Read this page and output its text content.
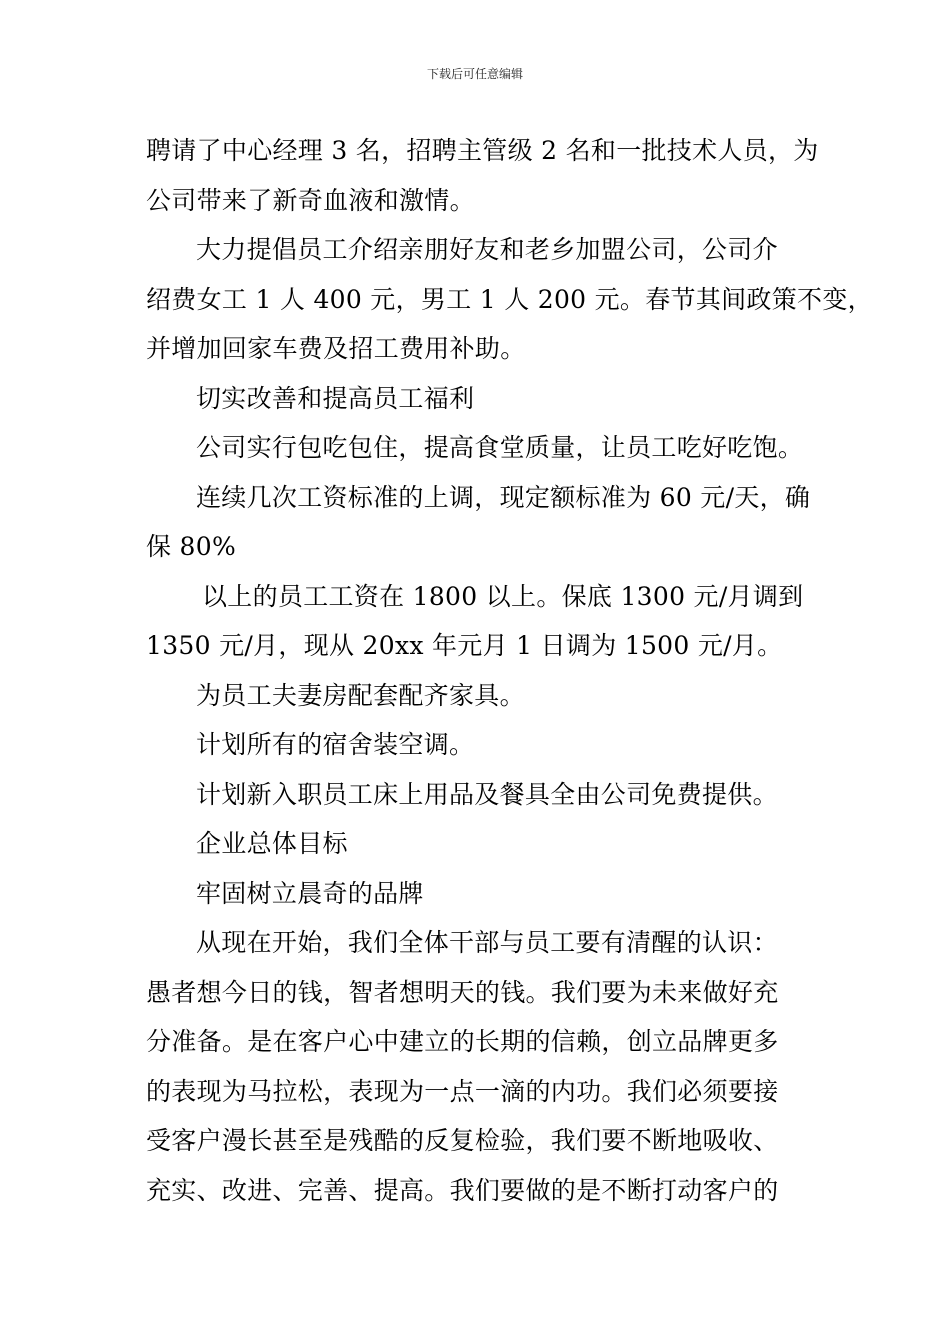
下载后可任意编辑

聘请了中心经理 3 名，招聘主管级 2 名和一批技术人员，为

公司带来了新奇血液和激情。

大力提倡员工介绍亲朋好友和老乡加盟公司，公司介

绍费女工 1 人 400 元，男工 1 人 200 元。春节其间政策不变，

并增加回家车费及招工费用补助。

切实改善和提高员工福利

公司实行包吃包住，提高食堂质量，让员工吃好吃饱。

连续几次工资标准的上调，现定额标准为 60 元/天，确

保 80%

以上的员工工资在 1800 以上。保底 1300 元/月调到

1350 元/月，现从 20xx 年元月 1 日调为 1500 元/月。

为员工夫妻房配套配齐家具。

计划所有的宿舍装空调。

计划新入职员工床上用品及餐具全由公司免费提供。

企业总体目标

牢固树立晨奇的品牌

从现在开始，我们全体干部与员工要有清醒的认识：

愚者想今日的钱，智者想明天的钱。我们要为未来做好充

分准备。是在客户心中建立的长期的信赖，创立品牌更多

的表现为马拉松，表现为一点一滴的内功。我们必须要接

受客户漫长甚至是残酷的反复检验，我们要不断地吸收、

充实、改进、完善、提高。我们要做的是不断打动客户的
